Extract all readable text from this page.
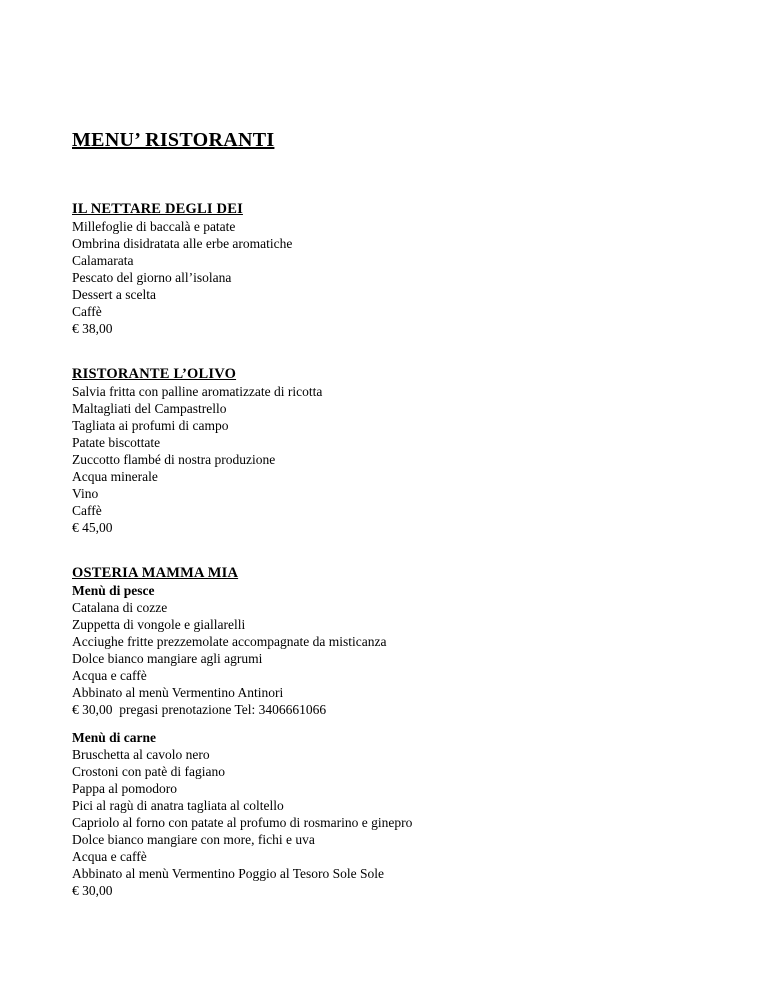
MENU’ RISTORANTI
IL NETTARE DEGLI DEI

Millefoglie di baccalà e patate

Ombrina disidratata alle erbe aromatiche

Calamarata

Pescato del giorno all’isolana

Dessert a scelta

Caffè

€ 38,00

RISTORANTE L’OLIVO

Salvia fritta con palline aromatizzate di ricotta

Maltagliati del Campastrello

Tagliata ai profumi di campo

Patate biscottate

Zuccotto flambé di nostra produzione

Acqua minerale

Vino

Caffè

€ 45,00

OSTERIA MAMMA MIA

Menù di pesce

Catalana di cozze

Zuppetta di vongole e giallarelli

Acciughe fritte prezzemolate accompagnate da misticanza

Dolce bianco mangiare agli agrumi

Acqua e caffè

Abbinato al menù Vermentino Antinori

€ 30,00  pregasi prenotazione Tel: 3406661066

Menù di carne

Bruschetta al cavolo nero

Crostoni con patè di fagiano

Pappa al pomodoro

Pici al ragù di anatra tagliata al coltello

Capriolo al forno con patate al profumo di rosmarino e ginepro

Dolce bianco mangiare con more, fichi e uva

Acqua e caffè

Abbinato al menù Vermentino Poggio al Tesoro Sole Sole

€ 30,00
